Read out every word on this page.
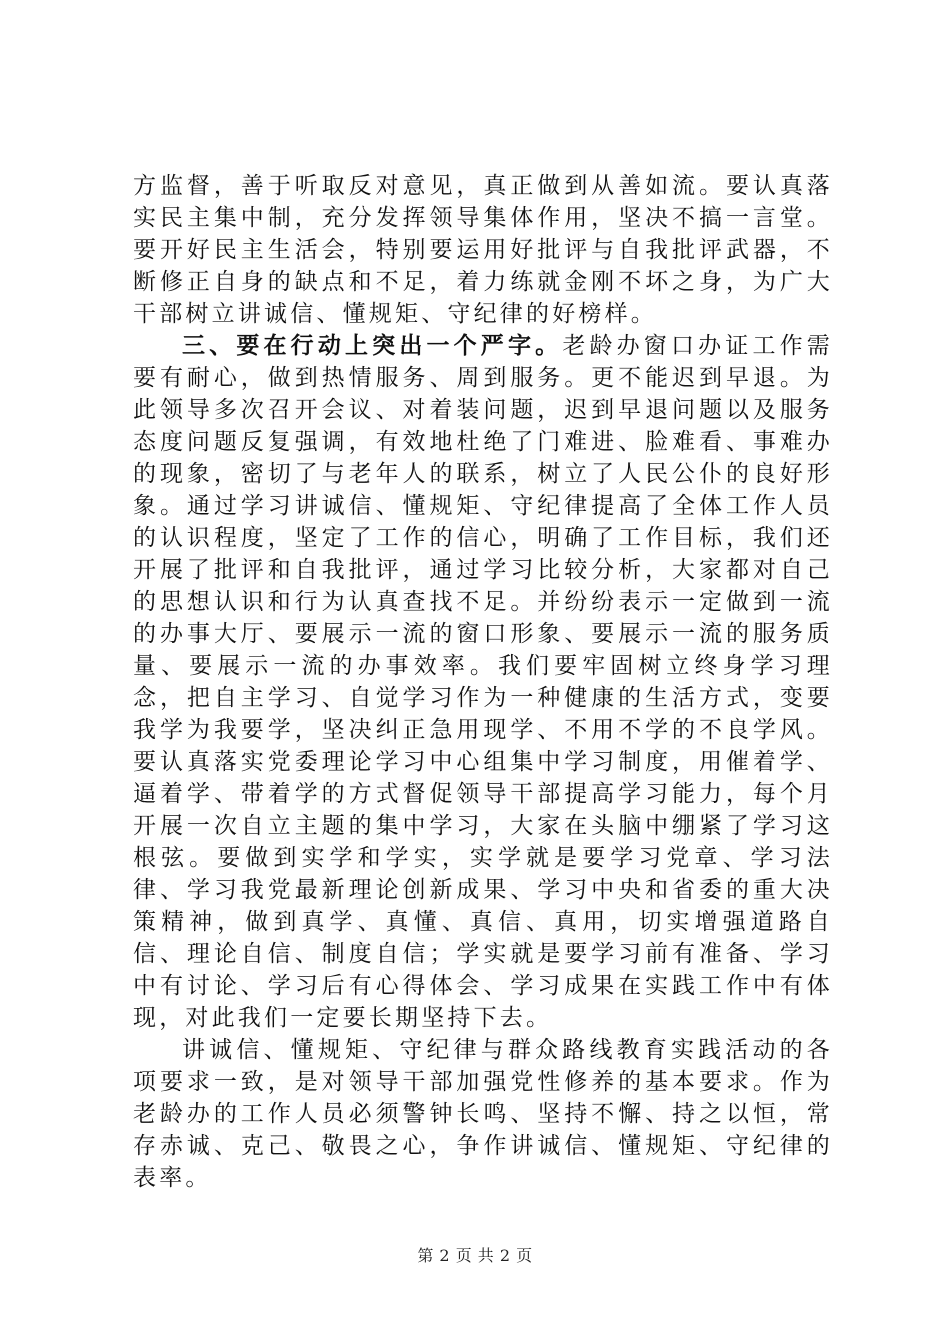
方监督，善于听取反对意见，真正做到从善如流。要认真落实民主集中制，充分发挥领导集体作用，坚决不搞一言堂。要开好民主生活会，特别要运用好批评与自我批评武器，不断修正自身的缺点和不足，着力练就金刚不坏之身，为广大干部树立讲诚信、懂规矩、守纪律的好榜样。

三、要在行动上突出一个严字。老龄办窗口办证工作需要有耐心，做到热情服务、周到服务。更不能迟到早退。为此领导多次召开会议、对着装问题，迟到早退问题以及服务态度问题反复强调，有效地杜绝了门难进、脸难看、事难办的现象，密切了与老年人的联系，树立了人民公仆的良好形象。通过学习讲诚信、懂规矩、守纪律提高了全体工作人员的认识程度，坚定了工作的信心，明确了工作目标，我们还开展了批评和自我批评，通过学习比较分析，大家都对自己的思想认识和行为认真查找不足。并纷纷表示一定做到一流的办事大厅、要展示一流的窗口形象、要展示一流的服务质量、要展示一流的办事效率。我们要牢固树立终身学习理念，把自主学习、自觉学习作为一种健康的生活方式，变要我学为我要学，坚决纠正急用现学、不用不学的不良学风。要认真落实党委理论学习中心组集中学习制度，用催着学、逼着学、带着学的方式督促领导干部提高学习能力，每个月开展一次自立主题的集中学习，大家在头脑中绷紧了学习这根弦。要做到实学和学实，实学就是要学习党章、学习法律、学习我党最新理论创新成果、学习中央和省委的重大决策精神，做到真学、真懂、真信、真用，切实增强道路自信、理论自信、制度自信；学实就是要学习前有准备、学习中有讨论、学习后有心得体会、学习成果在实践工作中有体现，对此我们一定要长期坚持下去。

讲诚信、懂规矩、守纪律与群众路线教育实践活动的各项要求一致，是对领导干部加强党性修养的基本要求。作为老龄办的工作人员必须警钟长鸣、坚持不懈、持之以恒，常存赤诚、克己、敬畏之心，争作讲诚信、懂规矩、守纪律的表率。

第 2 页 共 2 页
